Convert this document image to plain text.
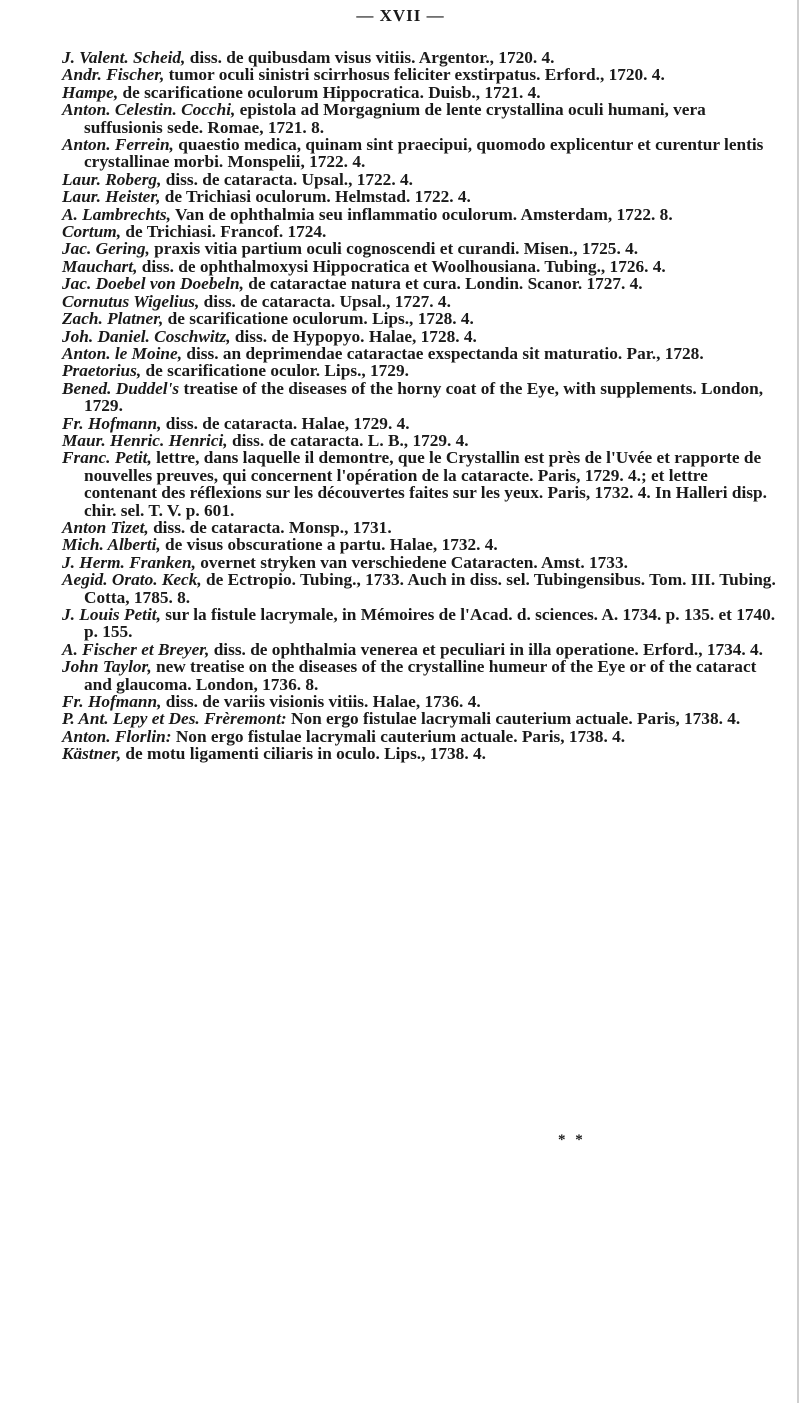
— XVII —

J. Valent. Scheid, diss. de quibusdam visus vitiis. Argentor., 1720. 4.

Andr. Fischer, tumor oculi sinistri scirrhosus feliciter exstirpatus. Erford., 1720. 4.

Hampe, de scarificatione oculorum Hippocratica. Duisb., 1721. 4.

Anton. Celestin. Cocchi, epistola ad Morgagnium de lente crystallina oculi humani, vera suffusionis sede. Romae, 1721. 8.

Anton. Ferrein, quaestio medica, quinam sint praecipui, quomodo explicentur et curentur lentis crystallinae morbi. Monspelii, 1722. 4.

Laur. Roberg, diss. de cataracta. Upsal., 1722. 4.

Laur. Heister, de Trichiasi oculorum. Helmstad. 1722. 4.

A. Lambrechts, Van de ophthalmia seu inflammatio oculorum. Amsterdam, 1722. 8.

Cortum, de Trichiasi. Francof. 1724.

Jac. Gering, praxis vitia partium oculi cognoscendi et curandi. Misen., 1725. 4.

Mauchart, diss. de ophthalmoxysi Hippocratica et Woolhousiana. Tubing., 1726. 4.

Jac. Doebel von Doebeln, de cataractae natura et cura. Londin. Scanor. 1727. 4.

Cornutus Wigelius, diss. de cataracta. Upsal., 1727. 4.

Zach. Platner, de scarificatione oculorum. Lips., 1728. 4.

Joh. Daniel. Coschwitz, diss. de Hypopyo. Halae, 1728. 4.

Anton. le Moine, diss. an deprimendae cataractae exspectanda sit maturatio. Par., 1728.

Praetorius, de scarificatione oculor. Lips., 1729.

Bened. Duddel's treatise of the diseases of the horny coat of the Eye, with supplements. London, 1729.

Fr. Hofmann, diss. de cataracta. Halae, 1729. 4.

Maur. Henric. Henrici, diss. de cataracta. L. B., 1729. 4.

Franc. Petit, lettre, dans laquelle il demontre, que le Crystallin est près de l'Uvée et rapporte de nouvelles preuves, qui concernent l'opération de la cataracte. Paris, 1729. 4.; et lettre contenant des réflexions sur les découvertes faites sur les yeux. Paris, 1732. 4. In Halleri disp. chir. sel. T. V. p. 601.

Anton Tizet, diss. de cataracta. Monsp., 1731.

Mich. Alberti, de visus obscuratione a partu. Halae, 1732. 4.

J. Herm. Franken, overnet stryken van verschiedene Cataracten. Amst. 1733.

Aegid. Orato. Keck, de Ectropio. Tubing., 1733. Auch in diss. sel. Tubingensibus. Tom. III. Tubing. Cotta, 1785. 8.

J. Louis Petit, sur la fistule lacrymale, in Mémoires de l'Acad. d. sciences. A. 1734. p. 135. et 1740. p. 155.

A. Fischer et Breyer, diss. de ophthalmia venerea et peculiari in illa operatione. Erford., 1734. 4.

John Taylor, new treatise on the diseases of the crystalline humeur of the Eye or of the cataract and glaucoma. London, 1736. 8.

Fr. Hofmann, diss. de variis visionis vitiis. Halae, 1736. 4.

P. Ant. Lepy et Des. Frèremont: Non ergo fistulae lacrymali cauterium actuale. Paris, 1738. 4.

Anton. Florlin: Non ergo fistulae lacrymali cauterium actuale. Paris, 1738. 4.

Kästner, de motu ligamenti ciliaris in oculo. Lips., 1738. 4.

* *
